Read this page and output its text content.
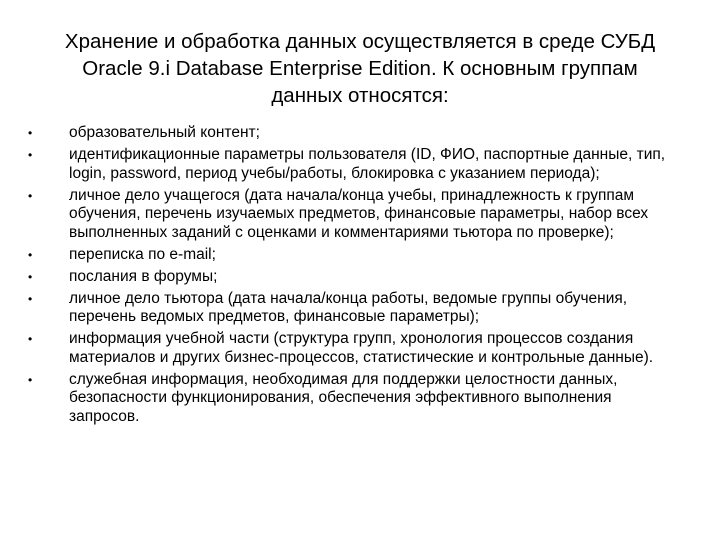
Хранение и обработка данных осуществляется в среде СУБД Oracle 9.i Database Enterprise Edition. К основным группам данных относятся:
•	образовательный контент;
•	идентификационные параметры пользователя (ID, ФИО, паспортные данные, тип, login, password, период учебы/работы, блокировка с указанием периода);
•	личное дело учащегося (дата начала/конца учебы, принадлежность к группам обучения, перечень изучаемых предметов, финансовые параметры, набор всех выполненных заданий с оценками и комментариями тьютора по проверке);
•	переписка по e-mail;
•	послания в форумы;
•	личное дело тьютора (дата начала/конца работы, ведомые группы обучения, перечень ведомых предметов, финансовые параметры);
•	информация учебной части (структура групп, хронология процессов создания материалов и других бизнес-процессов, статистические и контрольные данные).
•	служебная информация, необходимая для поддержки целостности данных, безопасности функционирования, обеспечения эффективного выполнения запросов.
